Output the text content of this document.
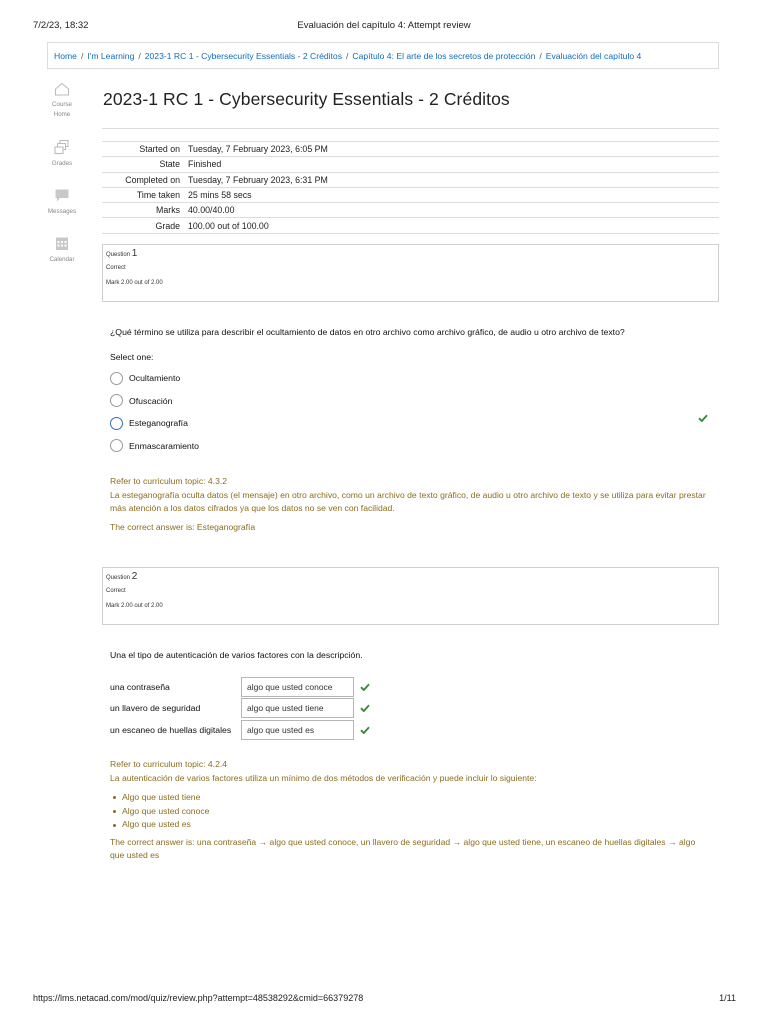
7/2/23, 18:32	Evaluación del capítulo 4: Attempt review
Home / I'm Learning / 2023-1 RC 1 - Cybersecurity Essentials - 2 Créditos / Capítulo 4: El arte de los secretos de protección / Evaluación del capítulo 4
Course
Home
Grades
Messages
Calendar
2023-1 RC 1 - Cybersecurity Essentials - 2 Créditos
Started on Tuesday, 7 February 2023, 6:05 PM
State Finished
Completed on Tuesday, 7 February 2023, 6:31 PM
Time taken 25 mins 58 secs
Marks 40.00/40.00
Grade 100.00 out of 100.00
Question 1
Correct
Mark 2.00 out of 2.00
¿Qué término se utiliza para describir el ocultamiento de datos en otro archivo como archivo gráfico, de audio u otro archivo de texto?
Select one:
Ocultamiento
Ofuscación
Esteganografía
Enmascaramiento

Refer to curriculum topic: 4.3.2

La esteganografía oculta datos (el mensaje) en otro archivo, como un archivo de texto gráfico, de audio u otro archivo de texto y se utiliza para evitar prestar más atención a los datos cifrados ya que los datos no se ven con facilidad.

The correct answer is: Esteganografía

Question 2
Correct
Mark 2.00 out of 2.00
Una el tipo de autenticación de varios factores con la descripción.
una contraseña	algo que usted conoce
un llavero de seguridad	algo que usted tiene
un escaneo de huellas digitales	algo que usted es

Refer to curriculum topic: 4.2.4

La autenticación de varios factores utiliza un mínimo de dos métodos de verificación y puede incluir lo siguiente:

Algo que usted tiene
Algo que usted conoce
Algo que usted es

The correct answer is: una contraseña → algo que usted conoce, un llavero de seguridad → algo que usted tiene, un escaneo de huellas digitales → algo que usted es

https://lms.netacad.com/mod/quiz/review.php?attempt=48538292&cmid=66379278	1/11
